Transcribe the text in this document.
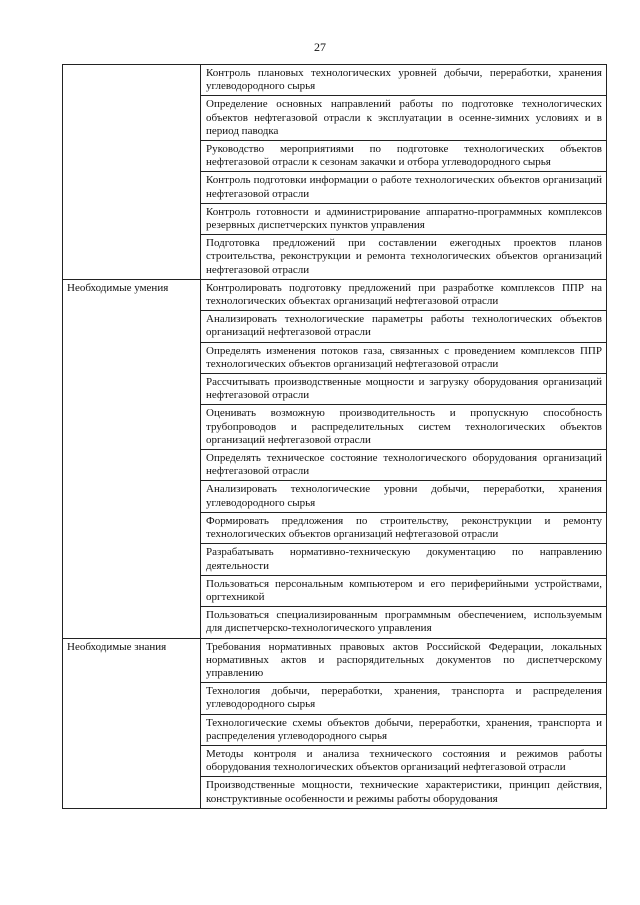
27
	Контроль плановых технологических уровней добычи, переработки, хранения углеводородного сырья
	Определение основных направлений работы по подготовке технологических объектов нефтегазовой отрасли к эксплуатации в осенне-зимних условиях и в период паводка
	Руководство мероприятиями по подготовке технологических объектов нефтегазовой отрасли к сезонам закачки и отбора углеводородного сырья
	Контроль подготовки информации о работе технологических объектов организаций нефтегазовой отрасли
	Контроль готовности и администрирование аппаратно-программных комплексов резервных диспетчерских пунктов управления
	Подготовка предложений при составлении ежегодных проектов планов строительства, реконструкции и ремонта технологических объектов организаций нефтегазовой отрасли
Необходимые умения	Контролировать подготовку предложений при разработке комплексов ППР на технологических объектах организаций нефтегазовой отрасли
	Анализировать технологические параметры работы технологических объектов организаций нефтегазовой отрасли
	Определять изменения потоков газа, связанных с проведением комплексов ППР технологических объектов организаций нефтегазовой отрасли
	Рассчитывать производственные мощности и загрузку оборудования организаций нефтегазовой отрасли
	Оценивать возможную производительность и пропускную способность трубопроводов и распределительных систем технологических объектов организаций нефтегазовой отрасли
	Определять техническое состояние технологического оборудования организаций нефтегазовой отрасли
	Анализировать технологические уровни добычи, переработки, хранения углеводородного сырья
	Формировать предложения по строительству, реконструкции и ремонту технологических объектов организаций нефтегазовой отрасли
	Разрабатывать нормативно-техническую документацию по направлению деятельности
	Пользоваться персональным компьютером и его периферийными устройствами, оргтехникой
	Пользоваться специализированным программным обеспечением, используемым для диспетчерско-технологического управления
Необходимые знания	Требования нормативных правовых актов Российской Федерации, локальных нормативных актов и распорядительных документов по диспетчерскому управлению
	Технология добычи, переработки, хранения, транспорта и распределения углеводородного сырья
	Технологические схемы объектов добычи, переработки, хранения, транспорта и распределения углеводородного сырья
	Методы контроля и анализа технического состояния и режимов работы оборудования технологических объектов организаций нефтегазовой отрасли
	Производственные мощности, технические характеристики, принцип действия, конструктивные особенности и режимы работы оборудования
